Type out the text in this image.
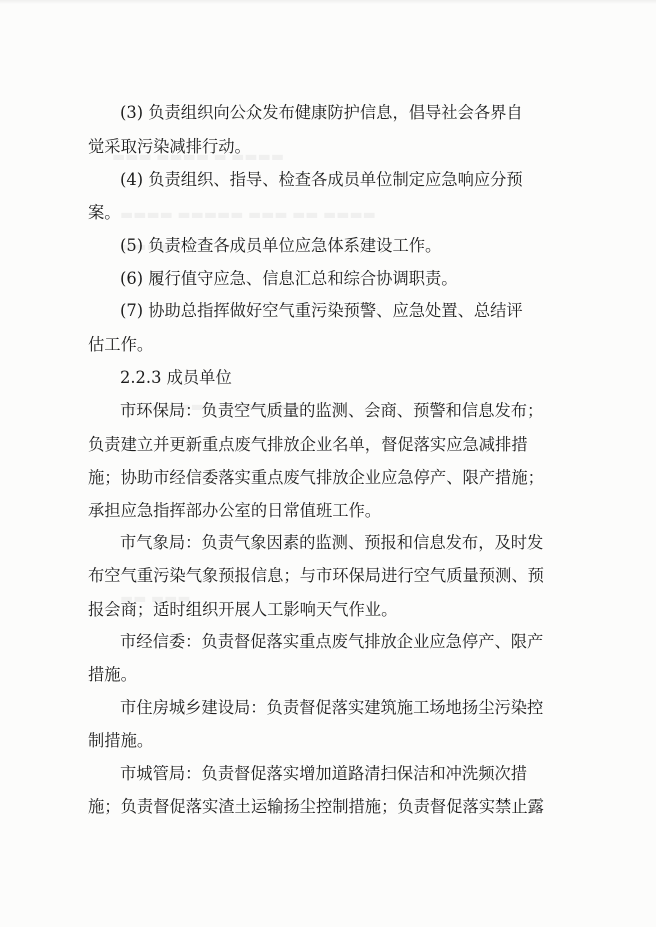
(3) 负责组织向公众发布健康防护信息，倡导社会各界自

觉采取污染减排行动。

(4) 负责组织、指导、检查各成员单位制定应急响应分预

案。

(5) 负责检查各成员单位应急体系建设工作。

(6) 履行值守应急、信息汇总和综合协调职责。

(7) 协助总指挥做好空气重污染预警、应急处置、总结评

估工作。

2.2.3 成员单位

市环保局：负责空气质量的监测、会商、预警和信息发布；

负责建立并更新重点废气排放企业名单，督促落实应急减排措

施；协助市经信委落实重点废气排放企业应急停产、限产措施；

承担应急指挥部办公室的日常值班工作。

市气象局：负责气象因素的监测、预报和信息发布，及时发

布空气重污染气象预报信息；与市环保局进行空气质量预测、预

报会商；适时组织开展人工影响天气作业。

市经信委：负责督促落实重点废气排放企业应急停产、限产

措施。

市住房城乡建设局：负责督促落实建筑施工场地扬尘污染控

制措施。

市城管局：负责督促落实增加道路清扫保洁和冲洗频次措

施；负责督促落实渣土运输扬尘控制措施；负责督促落实禁止露
